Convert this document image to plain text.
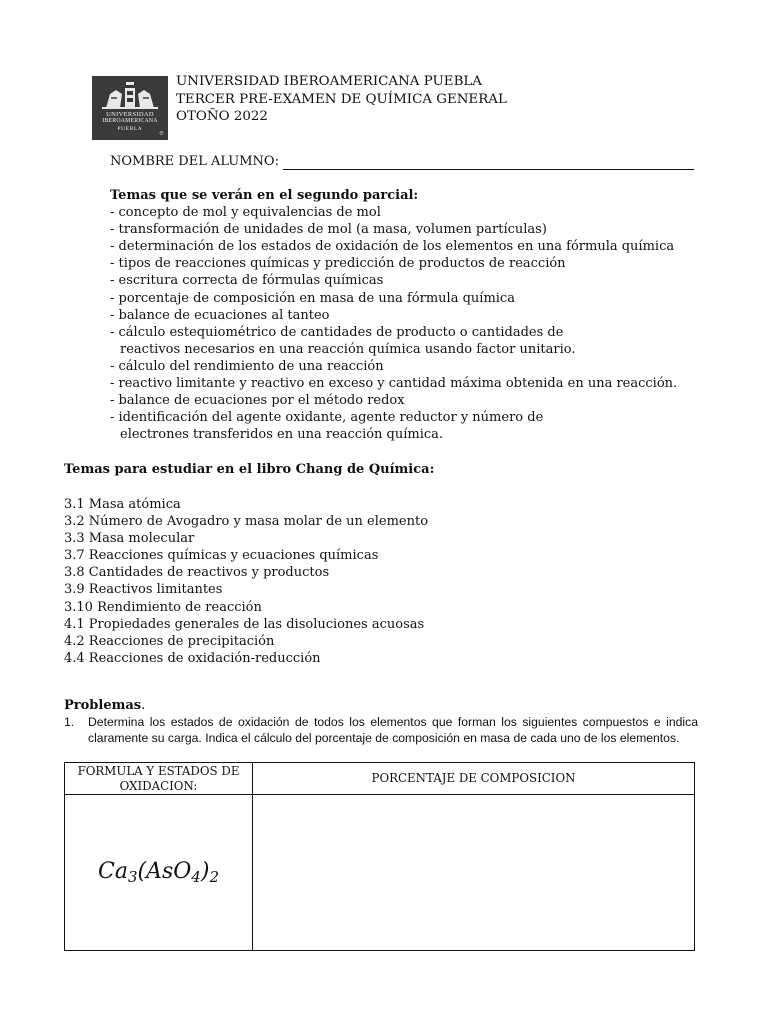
UNIVERSIDAD
IBEROAMERICANA
PUEBLA
®
UNIVERSIDAD IBEROAMERICANA PUEBLA
TERCER PRE-EXAMEN DE QUÍMICA GENERAL
OTOÑO 2022
NOMBRE DEL ALUMNO:
Temas que se verán en el segundo parcial:
- concepto de mol y equivalencias de mol
- transformación de unidades de mol (a masa, volumen partículas)
- determinación de los estados de oxidación de los elementos en una fórmula química
- tipos de reacciones químicas y predicción de productos de reacción
- escritura correcta de fórmulas químicas
- porcentaje de composición en masa de una fórmula química
- balance de ecuaciones al tanteo
- cálculo estequiométrico de cantidades de producto o cantidades de
reactivos necesarios en una reacción química usando factor unitario.
- cálculo del rendimiento de una reacción
- reactivo limitante y reactivo en exceso y cantidad máxima obtenida en una reacción.
- balance de ecuaciones por el método redox
- identificación del agente oxidante, agente reductor y número de
electrones transferidos en una reacción química.
Temas para estudiar en el libro Chang de Química:
3.1 Masa atómica
3.2 Número de Avogadro y masa molar de un elemento
3.3 Masa molecular
3.7 Reacciones químicas y ecuaciones químicas
3.8 Cantidades de reactivos y productos
3.9 Reactivos limitantes
3.10 Rendimiento de reacción
4.1 Propiedades generales de las disoluciones acuosas
4.2 Reacciones de precipitación
4.4 Reacciones de oxidación-reducción
Problemas.
1. Determina los estados de oxidación de todos los elementos que forman los siguientes compuestos e indica claramente su carga. Indica el cálculo del porcentaje de composición en masa de cada uno de los elementos.
FORMULA Y ESTADOS DE OXIDACION:	PORCENTAJE DE COMPOSICION
$Ca_3(AsO_4)_2$	
